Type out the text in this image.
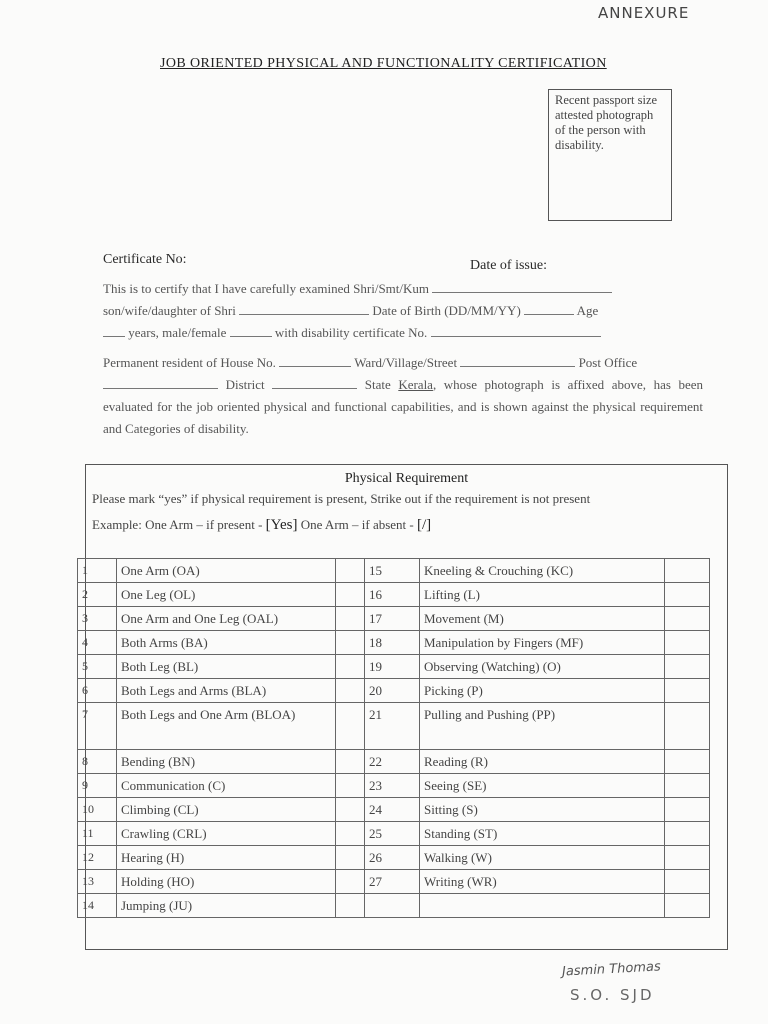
ANNEXURE
JOB ORIENTED PHYSICAL AND FUNCTIONALITY CERTIFICATION
Recent passport size attested photograph of the person with disability.
Certificate No:	Date of issue:
This is to certify that I have carefully examined Shri/Smt/Kum
son/wife/daughter of Shri	Date of Birth (DD/MM/YY)	Age
years, male/female	with disability certificate No.
Permanent resident of House No.	Ward/Village/Street	Post Office
District	State Kerala, whose photograph is affixed above, has been evaluated for the job oriented physical and functional capabilities, and is shown against the physical requirement and Categories of disability.
Physical Requirement
Please mark “yes” if physical requirement is present, Strike out if the requirement is not present
Example: One Arm – if present - [Yes] One Arm – if absent - [/]
1	One Arm (OA)		15	Kneeling & Crouching (KC)	
2	One Leg (OL)		16	Lifting (L)	
3	One Arm and One Leg (OAL)		17	Movement (M)	
4	Both Arms (BA)		18	Manipulation by Fingers (MF)	
5	Both Leg (BL)		19	Observing (Watching) (O)	
6	Both Legs and Arms (BLA)		20	Picking (P)	
7	Both Legs and One Arm (BLOA)		21	Pulling and Pushing (PP)	
8	Bending (BN)		22	Reading (R)	
9	Communication (C)		23	Seeing (SE)	
10	Climbing (CL)		24	Sitting (S)	
11	Crawling (CRL)		25	Standing (ST)	
12	Hearing (H)		26	Walking (W)	
13	Holding (HO)		27	Writing (WR)	
14	Jumping (JU)				
Jasmin Thomas
S.O. SJD
